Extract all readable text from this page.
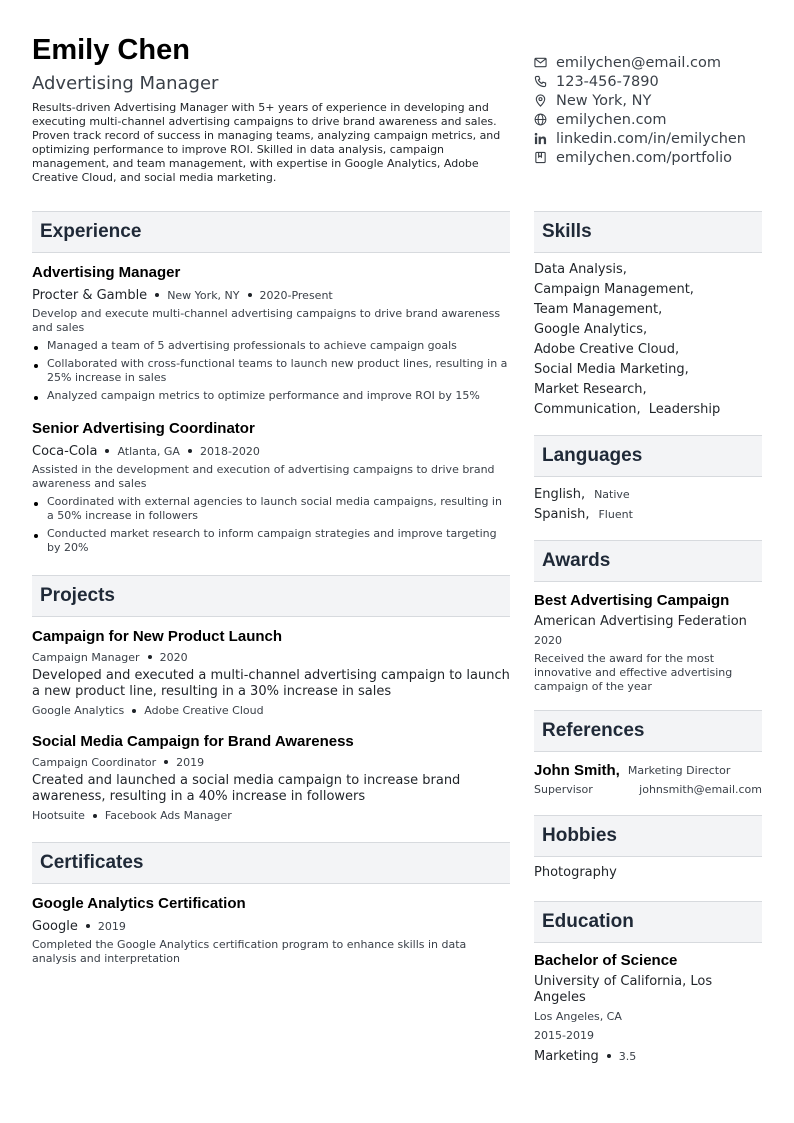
Emily Chen
Advertising Manager
Results-driven Advertising Manager with 5+ years of experience in developing and executing multi-channel advertising campaigns to drive brand awareness and sales. Proven track record of success in managing teams, analyzing campaign metrics, and optimizing performance to improve ROI. Skilled in data analysis, campaign management, and team management, with expertise in Google Analytics, Adobe Creative Cloud, and social media marketing.
emilychen@email.com
123-456-7890
New York, NY
emilychen.com
linkedin.com/in/emilychen
emilychen.com/portfolio
Experience
Advertising Manager
Procter & Gamble New York, NY 2020-Present
Develop and execute multi-channel advertising campaigns to drive brand awareness and sales
Managed a team of 5 advertising professionals to achieve campaign goals
Collaborated with cross-functional teams to launch new product lines, resulting in a 25% increase in sales
Analyzed campaign metrics to optimize performance and improve ROI by 15%
Senior Advertising Coordinator
Coca-Cola Atlanta, GA 2018-2020
Assisted in the development and execution of advertising campaigns to drive brand awareness and sales
Coordinated with external agencies to launch social media campaigns, resulting in a 50% increase in followers
Conducted market research to inform campaign strategies and improve targeting by 20%
Projects
Campaign for New Product Launch
Campaign Manager 2020
Developed and executed a multi-channel advertising campaign to launch a new product line, resulting in a 30% increase in sales
Google Analytics Adobe Creative Cloud
Social Media Campaign for Brand Awareness
Campaign Coordinator 2019
Created and launched a social media campaign to increase brand awareness, resulting in a 40% increase in followers
Hootsuite Facebook Ads Manager
Certificates
Google Analytics Certification
Google 2019
Completed the Google Analytics certification program to enhance skills in data analysis and interpretation
Skills
Data Analysis,
Campaign Management,
Team Management,
Google Analytics,
Adobe Creative Cloud,
Social Media Marketing,
Market Research,
Communication, Leadership
Languages
English, Native
Spanish, Fluent
Awards
Best Advertising Campaign
American Advertising Federation
2020
Received the award for the most innovative and effective advertising campaign of the year
References
John Smith, Marketing Director
Supervisor	johnsmith@email.com
Hobbies
Photography
Education
Bachelor of Science
University of California, Los Angeles
Los Angeles, CA
2015-2019
Marketing 3.5
